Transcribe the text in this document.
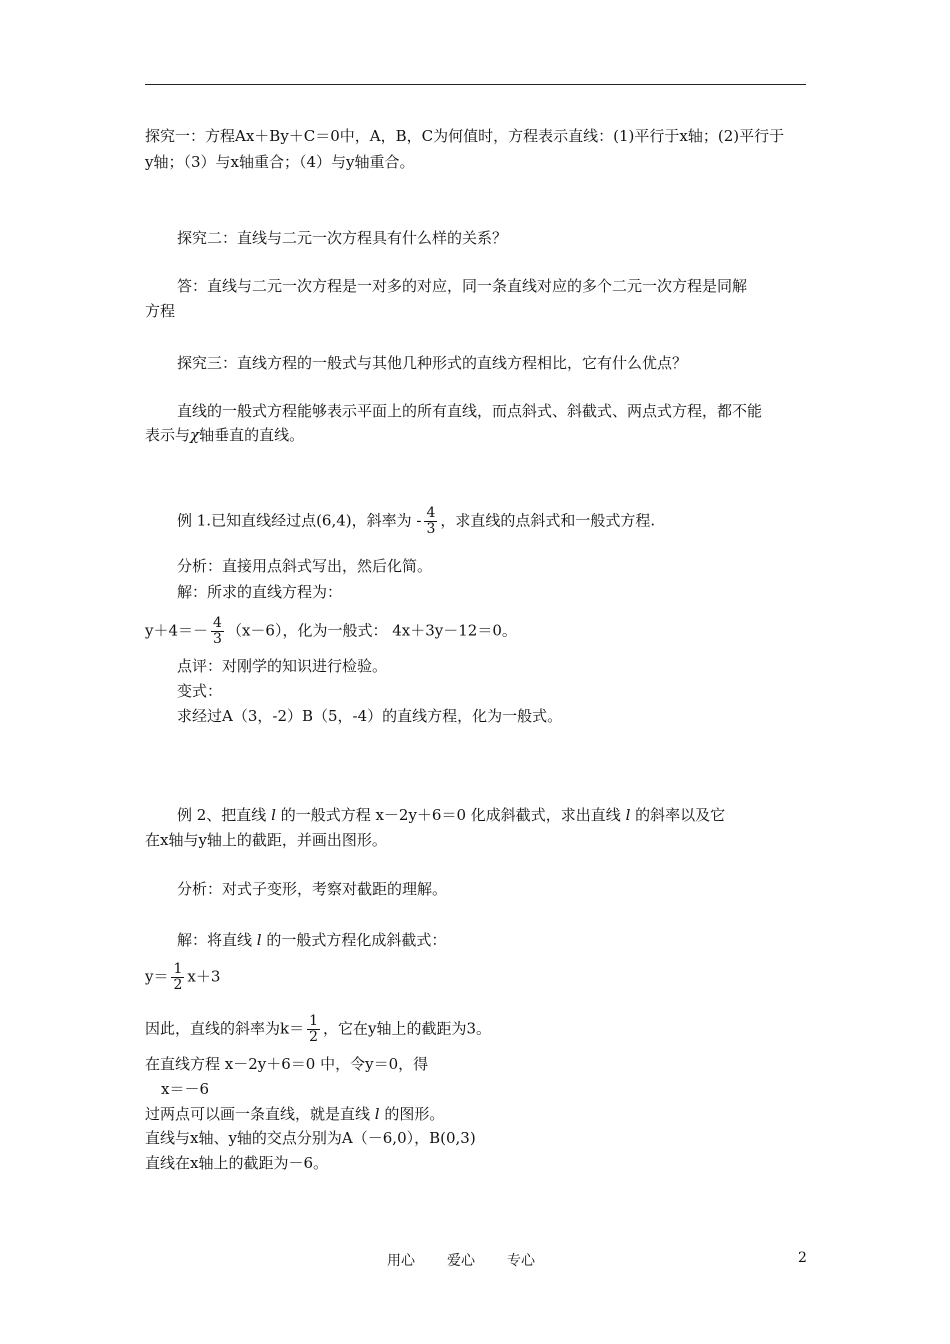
探究一：方程Ax＋By＋C＝0中，A，B，C为何值时，方程表示直线：(1)平行于x轴；(2)平行于
y轴；（3）与x轴重合；（4）与y轴重合。
探究二：直线与二元一次方程具有什么样的关系？
答：直线与二元一次方程是一对多的对应，同一条直线对应的多个二元一次方程是同解
方程
探究三：直线方程的一般式与其他几种形式的直线方程相比，它有什么优点？
直线的一般式方程能够表示平面上的所有直线，而点斜式、斜截式、两点式方程，都不能
表示与χ轴垂直的直线。
例 1.已知直线经过点(6,4)，斜率为 - $\frac{4}{3}$ ，求直线的点斜式和一般式方程.
分析：直接用点斜式写出，然后化简。
解：所求的直线方程为：
$y+4=- \frac{4}{3} (x-6)$，化为一般式： 4x＋3y－12＝0。
点评：对刚学的知识进行检验。
变式：
求经过A（3，-2）B（5，-4）的直线方程，化为一般式。
例 2、把直线 l 的一般式方程 x－2y＋6＝0 化成斜截式，求出直线 l 的斜率以及它
在x轴与y轴上的截距，并画出图形。
分析：对式子变形，考察对截距的理解。
解：将直线 l 的一般式方程化成斜截式：
$y= \frac{1}{2} x+3$
因此，直线的斜率为$k= \frac{1}{2}$ ，它在y轴上的截距为3。
在直线方程 x－2y＋6＝0 中，令y＝0，得
x＝－6
过两点可以画一条直线，就是直线 l 的图形。
直线与x轴、y轴的交点分别为A（－6,0），B(0,3)
直线在x轴上的截距为－6。
用心 爱心 专心	2
